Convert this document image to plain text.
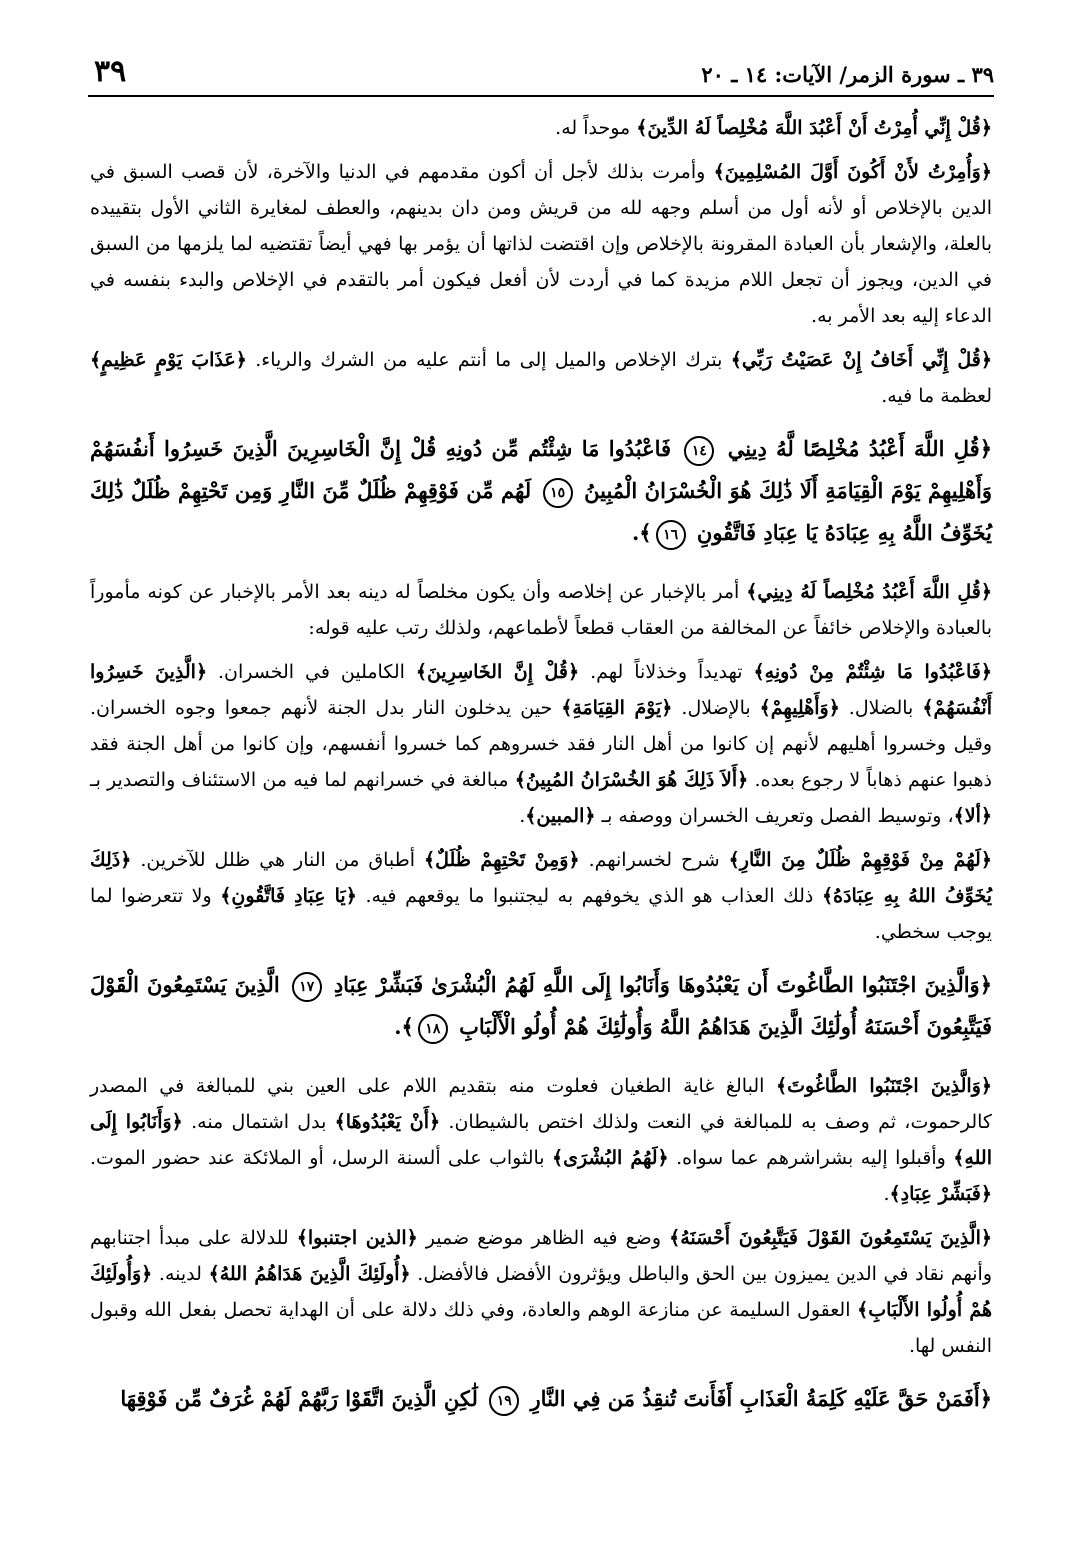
٣٩ ـ سورة الزمر/ الآيات: ١٤ ـ ٢٠
٣٩

﴿قُلْ إِنِّي أُمِرْتُ أَنْ أَعْبُدَ اللَّهَ مُخْلِصاً لَهُ الدِّينَ﴾ موحداً له.

﴿وَأُمِرْتُ لأَنْ أَكُونَ أَوَّلَ المُسْلِمِينَ﴾ وأمرت بذلك لأجل أن أكون مقدمهم في الدنيا والآخرة، لأن قصب السبق في الدين بالإخلاص أو لأنه أول من أسلم وجهه لله من قريش ومن دان بدينهم، والعطف لمغايرة الثاني الأول بتقييده بالعلة، والإشعار بأن العبادة المقرونة بالإخلاص وإن اقتضت لذاتها أن يؤمر بها فهي أيضاً تقتضيه لما يلزمها من السبق في الدين، ويجوز أن تجعل اللام مزيدة كما في أردت لأن أفعل فيكون أمر بالتقدم في الإخلاص والبدء بنفسه في الدعاء إليه بعد الأمر به.

﴿قُلْ إِنِّي أَخَافُ إِنْ عَصَيْتُ رَبِّي﴾ بترك الإخلاص والميل إلى ما أنتم عليه من الشرك والرياء. ﴿عَذَابَ يَوْمٍ عَظِيمٍ﴾ لعظمة ما فيه.

﴿قُلِ اللَّهَ أَعْبُدُ مُخْلِصًا لَّهُ دِينِي ١٤ فَاعْبُدُوا مَا شِئْتُم مِّن دُونِهِ قُلْ إِنَّ الْخَاسِرِينَ الَّذِينَ خَسِرُوا أَنفُسَهُمْ وَأَهْلِيهِمْ يَوْمَ الْقِيَامَةِ أَلَا ذَٰلِكَ هُوَ الْخُسْرَانُ الْمُبِينُ ١٥ لَهُم مِّن فَوْقِهِمْ ظُلَلٌ مِّنَ النَّارِ وَمِن تَحْتِهِمْ ظُلَلٌ ذَٰلِكَ يُخَوِّفُ اللَّهُ بِهِ عِبَادَهُ يَا عِبَادِ فَاتَّقُونِ ١٦﴾.

﴿قُلِ اللَّهَ أَعْبُدُ مُخْلِصاً لَهُ دِينِي﴾ أمر بالإخبار عن إخلاصه وأن يكون مخلصاً له دينه بعد الأمر بالإخبار عن كونه مأموراً بالعبادة والإخلاص خائفاً عن المخالفة من العقاب قطعاً لأطماعهم، ولذلك رتب عليه قوله:

﴿فَاعْبُدُوا مَا شِئْتُمْ مِنْ دُونِهِ﴾ تهديداً وخذلاناً لهم. ﴿قُلْ إِنَّ الخَاسِرِينَ﴾ الكاملين في الخسران. ﴿الَّذِينَ خَسِرُوا أَنْفُسَهُمْ﴾ بالضلال. ﴿وَأَهْلِيهِمْ﴾ بالإضلال. ﴿يَوْمَ القِيَامَةِ﴾ حين يدخلون النار بدل الجنة لأنهم جمعوا وجوه الخسران. وقيل وخسروا أهليهم لأنهم إن كانوا من أهل النار فقد خسروهم كما خسروا أنفسهم، وإن كانوا من أهل الجنة فقد ذهبوا عنهم ذهاباً لا رجوع بعده. ﴿أَلاَ ذَلِكَ هُوَ الخُسْرَانُ المُبِينُ﴾ مبالغة في خسرانهم لما فيه من الاستئناف والتصدير بـ ﴿ألا﴾، وتوسيط الفصل وتعريف الخسران ووصفه بـ ﴿المبين﴾.

﴿لَهُمْ مِنْ فَوْقِهِمْ ظُلَلٌ مِنَ النَّارِ﴾ شرح لخسرانهم. ﴿وَمِنْ تَحْتِهِمْ ظُلَلٌ﴾ أطباق من النار هي ظلل للآخرين. ﴿ذَلِكَ يُخَوِّفُ اللهُ بِهِ عِبَادَهُ﴾ ذلك العذاب هو الذي يخوفهم به ليجتنبوا ما يوقعهم فيه. ﴿يَا عِبَادِ فَاتَّقُونِ﴾ ولا تتعرضوا لما يوجب سخطي.

﴿وَالَّذِينَ اجْتَنَبُوا الطَّاغُوتَ أَن يَعْبُدُوهَا وَأَنَابُوا إِلَى اللَّهِ لَهُمُ الْبُشْرَىٰ فَبَشِّرْ عِبَادِ ١٧ الَّذِينَ يَسْتَمِعُونَ الْقَوْلَ فَيَتَّبِعُونَ أَحْسَنَهُ أُولَٰئِكَ الَّذِينَ هَدَاهُمُ اللَّهُ وَأُولَٰئِكَ هُمْ أُولُو الْأَلْبَابِ ١٨﴾.

﴿وَالَّذِينَ اجْتَنَبُوا الطَّاغُوتَ﴾ البالغ غاية الطغيان فعلوت منه بتقديم اللام على العين بني للمبالغة في المصدر كالرحموت، ثم وصف به للمبالغة في النعت ولذلك اختص بالشيطان. ﴿أَنْ يَعْبُدُوهَا﴾ بدل اشتمال منه. ﴿وَأَنَابُوا إِلَى اللهِ﴾ وأقبلوا إليه بشراشرهم عما سواه. ﴿لَهُمُ البُشْرَى﴾ بالثواب على ألسنة الرسل، أو الملائكة عند حضور الموت. ﴿فَبَشِّرْ عِبَادِ﴾.

﴿الَّذِينَ يَسْتَمِعُونَ القَوْلَ فَيَتَّبِعُونَ أَحْسَنَهُ﴾ وضع فيه الظاهر موضع ضمير ﴿الذين اجتنبوا﴾ للدلالة على مبدأ اجتنابهم وأنهم نقاد في الدين يميزون بين الحق والباطل ويؤثرون الأفضل فالأفضل. ﴿أُولَئِكَ الَّذِينَ هَدَاهُمُ اللهُ﴾ لدينه. ﴿وَأُولَئِكَ هُمْ أُولُوا الأَلْبَابِ﴾ العقول السليمة عن منازعة الوهم والعادة، وفي ذلك دلالة على أن الهداية تحصل بفعل الله وقبول النفس لها.

﴿أَفَمَنْ حَقَّ عَلَيْهِ كَلِمَةُ الْعَذَابِ أَفَأَنتَ تُنقِذُ مَن فِي النَّارِ ١٩ لَٰكِنِ الَّذِينَ اتَّقَوْا رَبَّهُمْ لَهُمْ غُرَفٌ مِّن فَوْقِهَا
